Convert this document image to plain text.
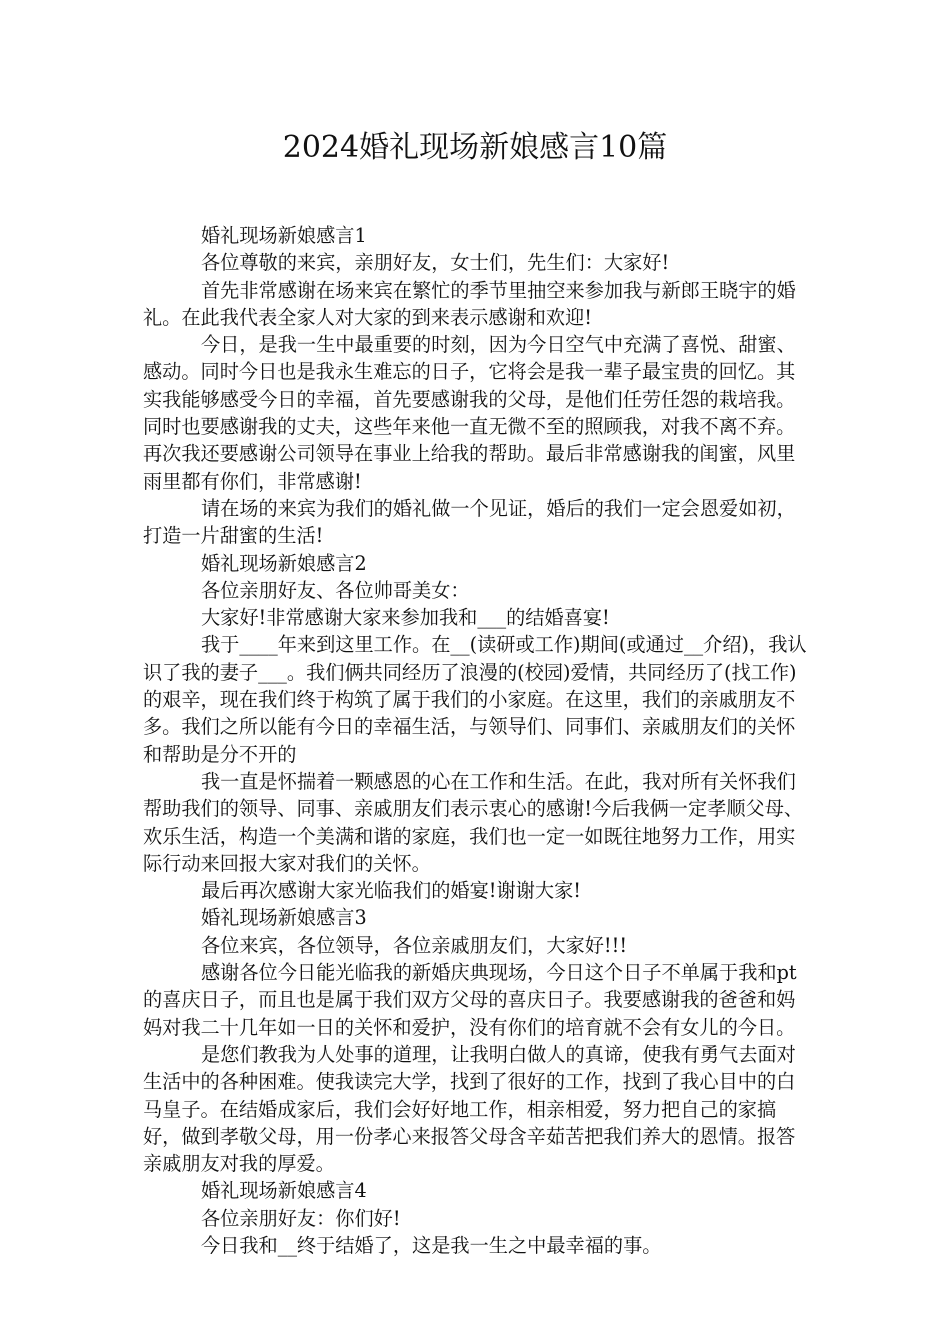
2024婚礼现场新娘感言10篇

婚礼现场新娘感言1

各位尊敬的来宾，亲朋好友，女士们，先生们：大家好!

首先非常感谢在场来宾在繁忙的季节里抽空来参加我与新郎王晓宇的婚礼。在此我代表全家人对大家的到来表示感谢和欢迎!

今日，是我一生中最重要的时刻，因为今日空气中充满了喜悦、甜蜜、感动。同时今日也是我永生难忘的日子，它将会是我一辈子最宝贵的回忆。其实我能够感受今日的幸福，首先要感谢我的父母，是他们任劳任怨的栽培我。同时也要感谢我的丈夫，这些年来他一直无微不至的照顾我，对我不离不弃。再次我还要感谢公司领导在事业上给我的帮助。最后非常感谢我的闺蜜，风里雨里都有你们，非常感谢!

请在场的来宾为我们的婚礼做一个见证，婚后的我们一定会恩爱如初，打造一片甜蜜的生活!

婚礼现场新娘感言2

各位亲朋好友、各位帅哥美女：

大家好!非常感谢大家来参加我和___的结婚喜宴!

我于____年来到这里工作。在__(读研或工作)期间(或通过__介绍)，我认识了我的妻子___。我们俩共同经历了浪漫的(校园)爱情，共同经历了(找工作)的艰辛，现在我们终于构筑了属于我们的小家庭。在这里，我们的亲戚朋友不多。我们之所以能有今日的幸福生活，与领导们、同事们、亲戚朋友们的关怀和帮助是分不开的

我一直是怀揣着一颗感恩的心在工作和生活。在此，我对所有关怀我们帮助我们的领导、同事、亲戚朋友们表示衷心的感谢!今后我俩一定孝顺父母、欢乐生活，构造一个美满和谐的家庭，我们也一定一如既往地努力工作，用实际行动来回报大家对我们的关怀。

最后再次感谢大家光临我们的婚宴!谢谢大家!

婚礼现场新娘感言3

各位来宾，各位领导，各位亲戚朋友们，大家好!!!

感谢各位今日能光临我的新婚庆典现场，今日这个日子不单属于我和pt的喜庆日子，而且也是属于我们双方父母的喜庆日子。我要感谢我的爸爸和妈妈对我二十几年如一日的关怀和爱护，没有你们的培育就不会有女儿的今日。

是您们教我为人处事的道理，让我明白做人的真谛，使我有勇气去面对生活中的各种困难。使我读完大学，找到了很好的工作，找到了我心目中的白马皇子。在结婚成家后，我们会好好地工作，相亲相爱，努力把自己的家搞好，做到孝敬父母，用一份孝心来报答父母含辛茹苦把我们养大的恩情。报答亲戚朋友对我的厚爱。

婚礼现场新娘感言4

各位亲朋好友：你们好!

今日我和__终于结婚了，这是我一生之中最幸福的事。
